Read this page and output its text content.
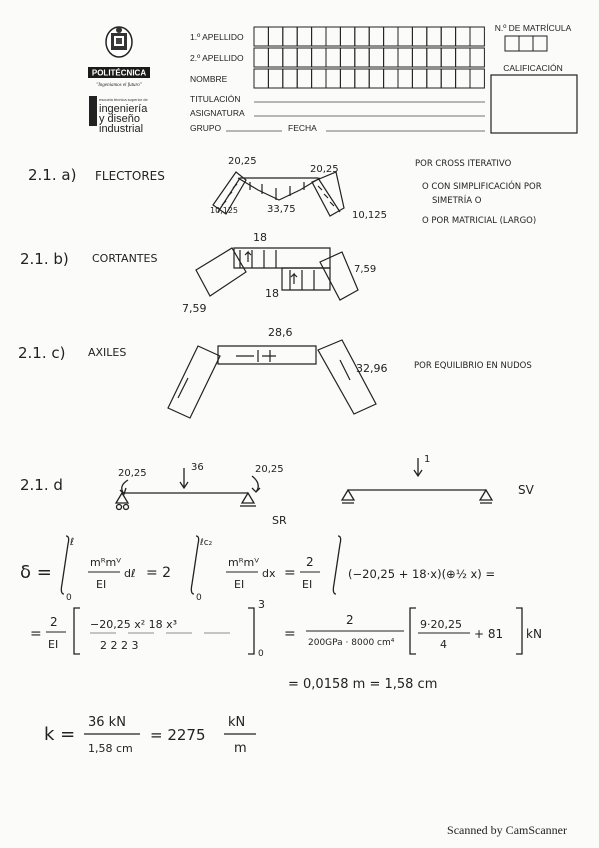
POLITÉCNICA
"Ingeniamos el futuro"
escuela técnica superior de
ingeniería
y diseño
industrial
1.º APELLIDO
2.º APELLIDO
NOMBRE
TITULACIÓN
ASIGNATURA
GRUPO	FECHA
N.º DE MATRÍCULA
CALIFICACIÓN
2.1. a) FLECTORES
20,25
20,25
33,75
10,125	10,125
POR CROSS ITERATIVO
O CON SIMPLIFICACIÓN POR
SIMETRÍA O
O POR MATRICIAL (LARGO)
2.1. b) CORTANTES
18
18
7,59
7,59
2.1. c) AXILES
28,6
32,96	POR EQUILIBRIO EN NUDOS
2.1. d
20,25
36	20,25
SR
1
SV
δ =
ℓ
0
mᴿmⱽ
EI
dℓ = 2
ℓc₂
0
mᴿmⱽ
EI
dx =
2
EI
(−20,25 + 18·x)(⊕½ x) =
=
2
EI
−20,25 x² 18 x³
2 2 2 3
3
0
=
2
200GPa · 8000 cm⁴
9·20,25
4
+ 81 kN
= 0,0158 m = 1,58 cm
k =
36 kN
1,58 cm
= 2275
kN
m
Scanned by CamScanner
